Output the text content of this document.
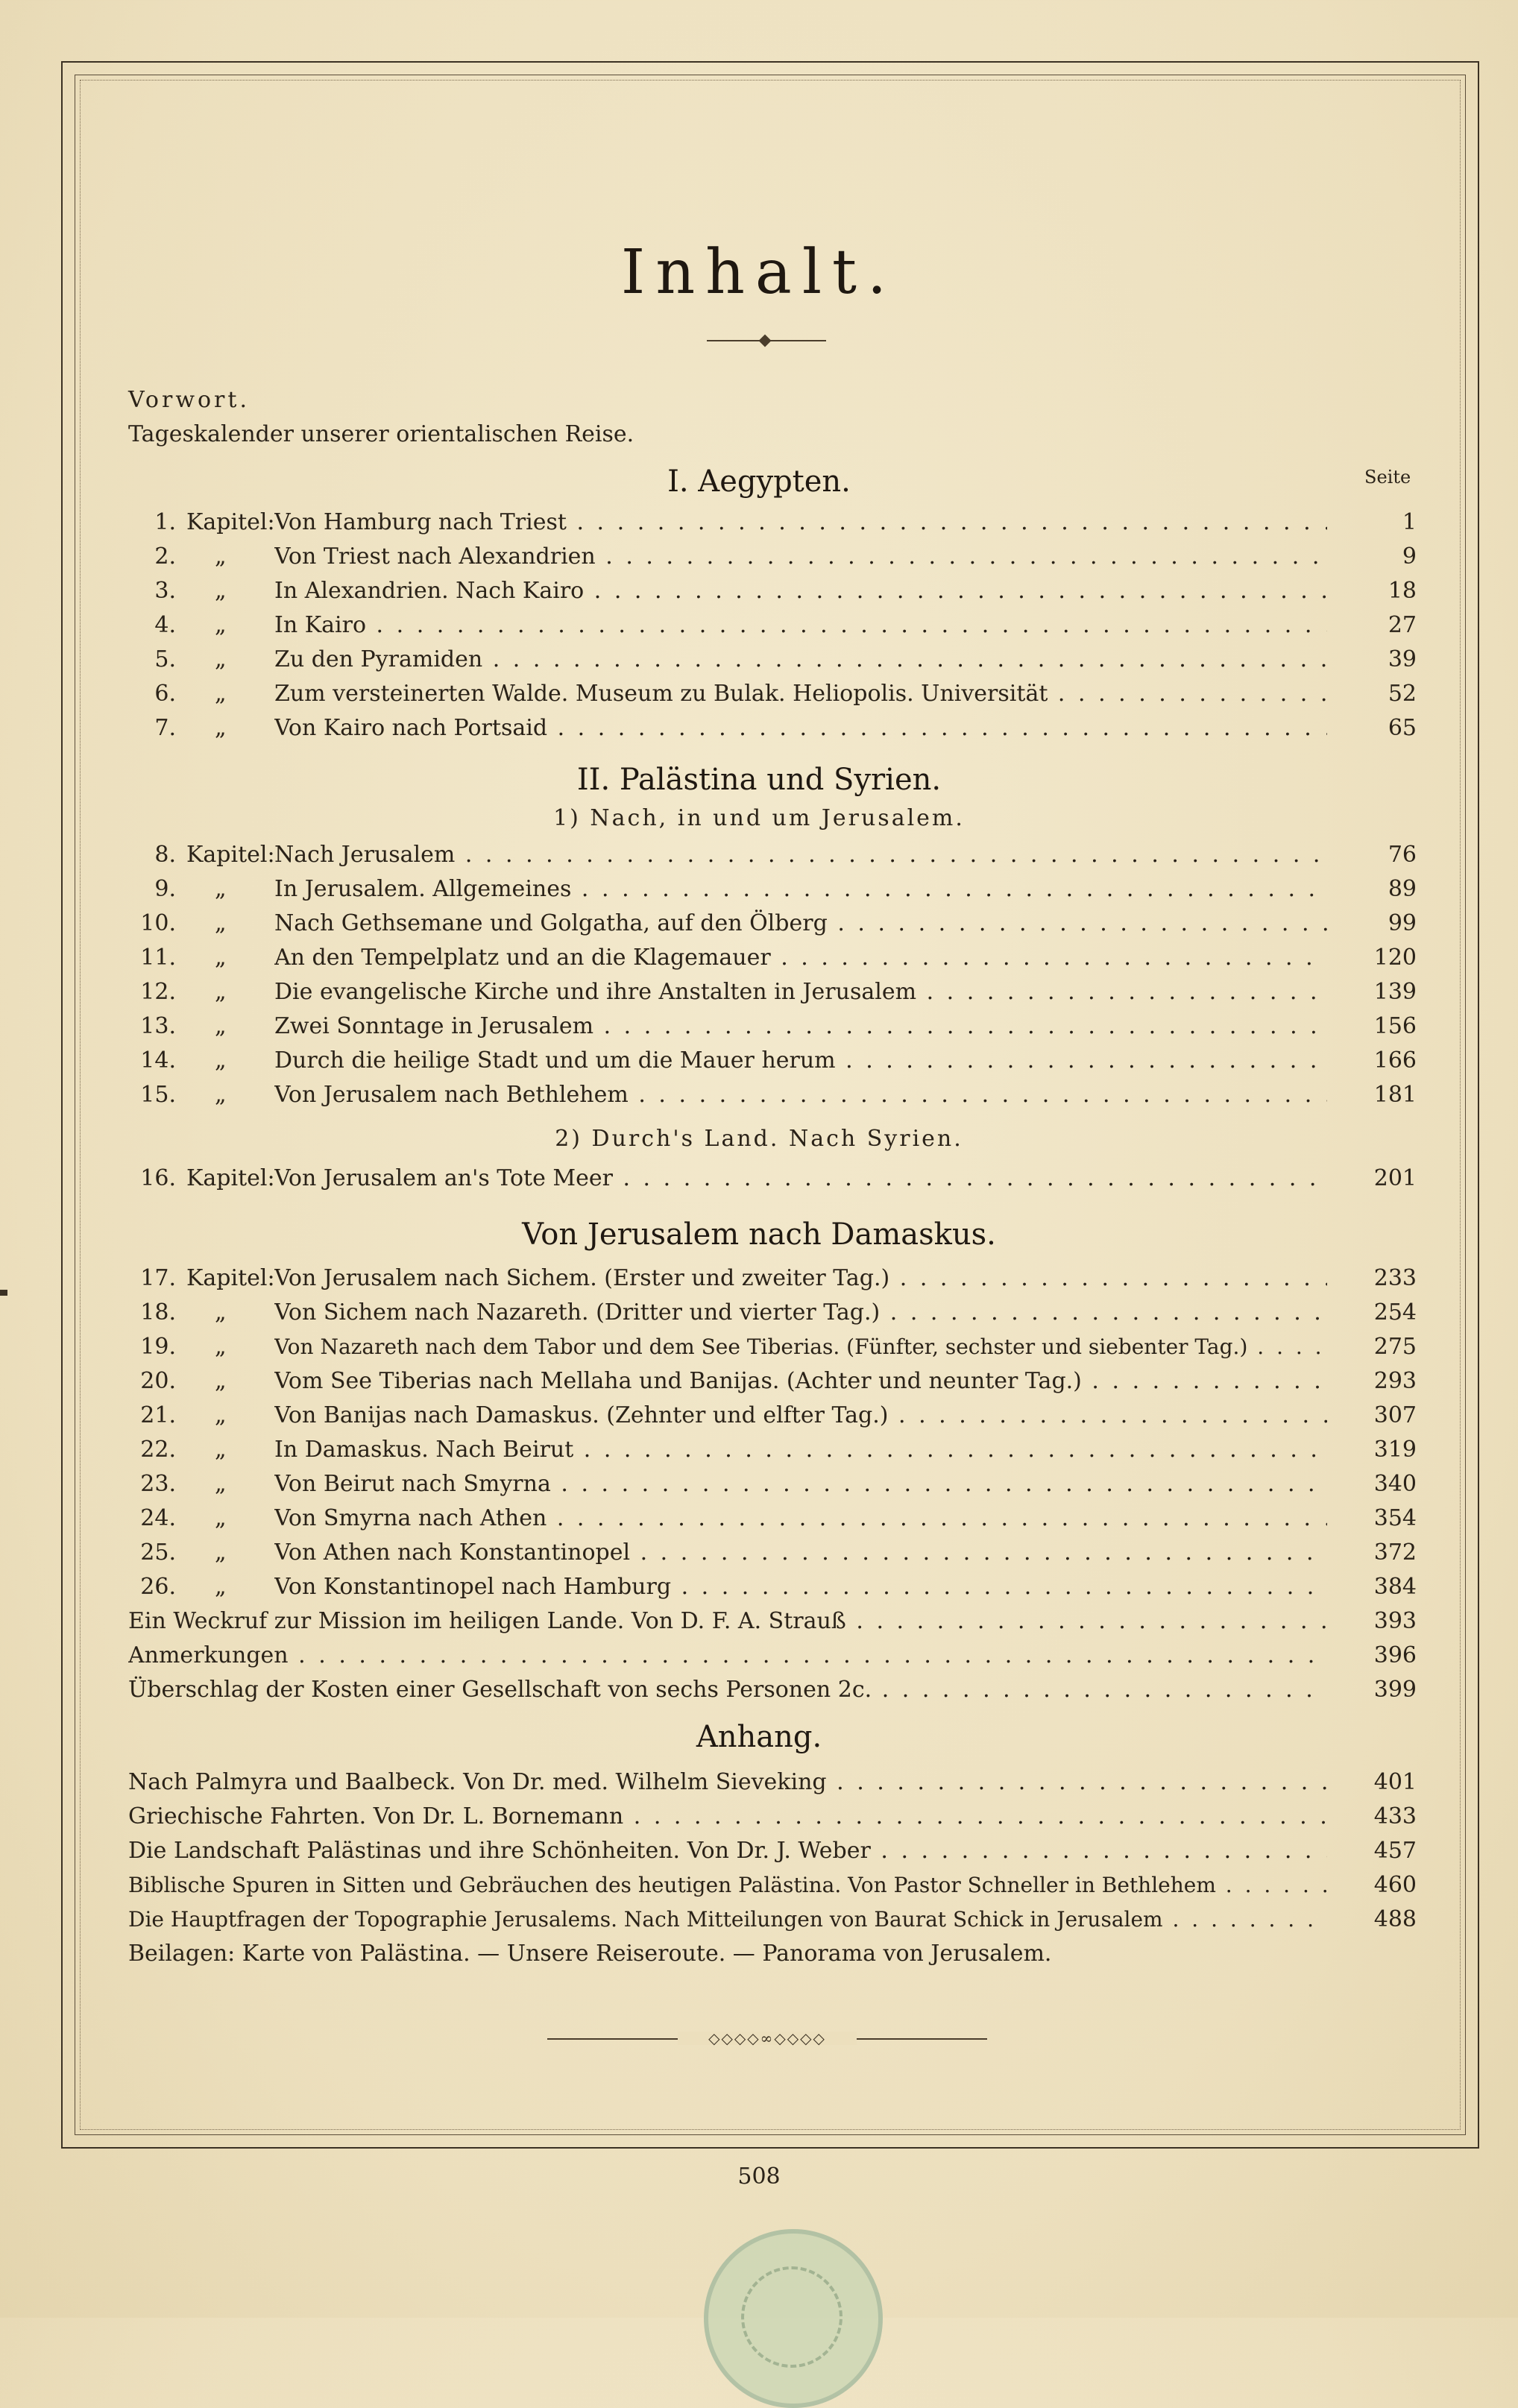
Inhalt.
Vorwort.
Tageskalender unserer orientalischen Reise.
I. Aegypten.	Seite
1. Kapitel: Von Hamburg nach Triest . . .	1
2. „ Von Triest nach Alexandrien . . .	9
3. „ In Alexandrien. Nach Kairo . . .	18
4. „ In Kairo . . .	27
5. „ Zu den Pyramiden . . .	39
6. „ Zum versteinerten Walde. Museum zu Bulak. Heliopolis. Universität . . .	52
7. „ Von Kairo nach Portsaid . . .	65
II. Palästina und Syrien.
1) Nach, in und um Jerusalem.
8. Kapitel: Nach Jerusalem . . .	76
9. „ In Jerusalem. Allgemeines . . .	89
10. „ Nach Gethsemane und Golgatha, auf den Ölberg . . .	99
11. „ An den Tempelplatz und an die Klagemauer . . .	120
12. „ Die evangelische Kirche und ihre Anstalten in Jerusalem . . .	139
13. „ Zwei Sonntage in Jerusalem . . .	156
14. „ Durch die heilige Stadt und um die Mauer herum . . .	166
15. „ Von Jerusalem nach Bethlehem . . .	181
2) Durch's Land. Nach Syrien.
16. Kapitel: Von Jerusalem an's Tote Meer . . .	201
Von Jerusalem nach Damaskus.
17. Kapitel: Von Jerusalem nach Sichem. (Erster und zweiter Tag.) . . .	233
18. „ Von Sichem nach Nazareth. (Dritter und vierter Tag.) . . .	254
19. „ Von Nazareth nach dem Tabor und dem See Tiberias. (Fünfter, sechster und siebenter Tag.) . . .	275
20. „ Vom See Tiberias nach Mellaha und Banijas. (Achter und neunter Tag.) . . .	293
21. „ Von Banijas nach Damaskus. (Zehnter und elfter Tag.) . . .	307
22. „ In Damaskus. Nach Beirut . . .	319
23. „ Von Beirut nach Smyrna . . .	340
24. „ Von Smyrna nach Athen . . .	354
25. „ Von Athen nach Konstantinopel . . .	372
26. „ Von Konstantinopel nach Hamburg . . .	384
Ein Weckruf zur Mission im heiligen Lande. Von D. F. A. Strauß . . .	393
Anmerkungen . . .	396
Überschlag der Kosten einer Gesellschaft von sechs Personen 2c. . . .	399
Anhang.
Nach Palmyra und Baalbeck. Von Dr. med. Wilhelm Sieveking . . .	401
Griechische Fahrten. Von Dr. L. Bornemann . . .	433
Die Landschaft Palästinas und ihre Schönheiten. Von Dr. J. Weber . . .	457
Biblische Spuren in Sitten und Gebräuchen des heutigen Palästina. Von Pastor Schneller in Bethlehem . . .	460
Die Hauptfragen der Topographie Jerusalems. Nach Mitteilungen von Baurat Schick in Jerusalem . . .	488
Beilagen: Karte von Palästina. — Unsere Reiseroute. — Panorama von Jerusalem.
◇◇◇◇∞◇◇◇◇
508
